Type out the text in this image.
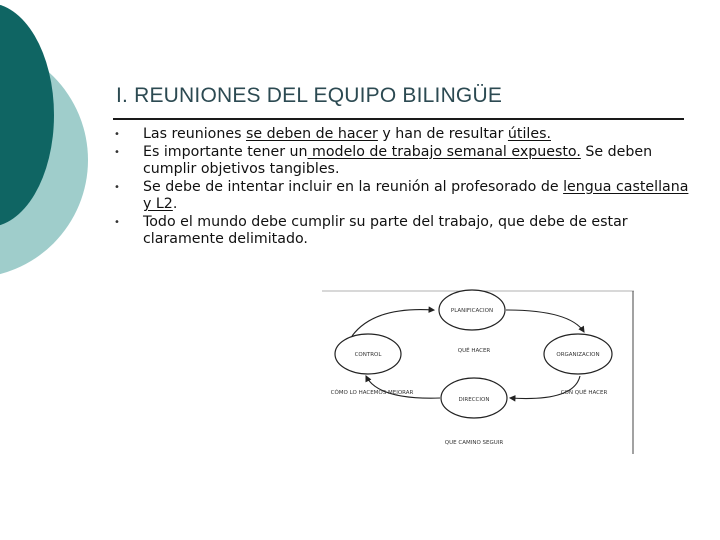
I. REUNIONES DEL EQUIPO BILINGÜE
• Las reuniones se deben de hacer y han de resultar útiles.
• Es importante tener un modelo de trabajo semanal expuesto. Se deben cumplir objetivos tangibles.
• Se debe de intentar incluir en la reunión al profesorado de lengua castellana y L2.
• Todo el mundo debe cumplir su parte del trabajo, que debe de estar claramente delimitado.
PLANIFICACION
CONTROL	ORGANIZACION
DIRECCION
QUÉ HACER
CÓMO LO HACEMOS MEJORAR	CON QUÉ HACER
QUE CAMINO SEGUIR
